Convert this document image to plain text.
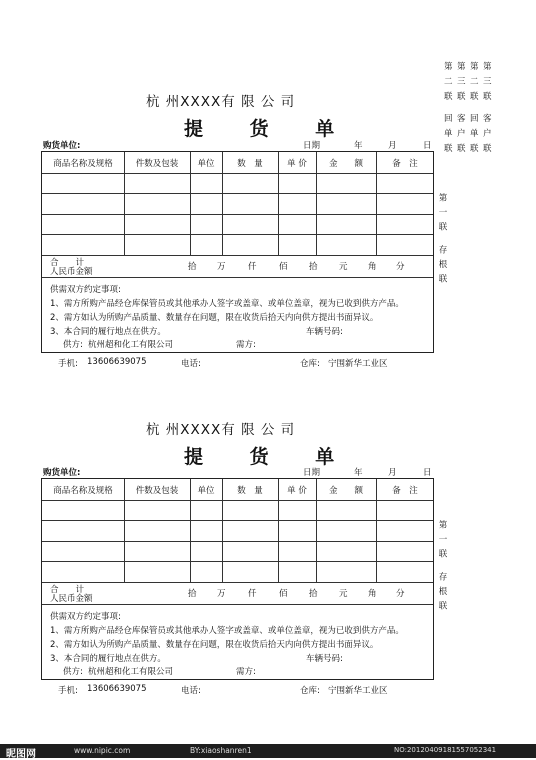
第二联
第三联
第二联
第三联
回单
联
客户
联
回单
联
客户
联
杭 州XXXX有 限 公 司
提 货 单
购货单位:	日期	年	月	日
商品名称及规格	件数及包装	单位	数　量	单 价	金　　额	备　注
合　　计
人民币金额	拾 万	仟	佰	拾	元 角 分
供需双方约定事项:
1、需方所购产品经仓库保管员或其他承办人签字或盖章、或单位盖章，视为已收到供方产品。
2、需方如认为所购产品质量、数量存在问题，限在收货后拾天内向供方提出书面异议。
3、本合同的履行地点在供方。	车辆号码:
供方: 杭州超和化工有限公司	需方:
第一联 存根联
手机: 13606639075	电话:	仓库: 宁围新华工业区
杭 州XXXX有 限 公 司
提 货 单
购货单位:	日期	年	月	日
商品名称及规格	件数及包装	单位	数　量	单 价	金　　额	备　注
合　　计
人民币金额	拾 万	仟	佰	拾	元 角 分
供需双方约定事项:
1、需方所购产品经仓库保管员或其他承办人签字或盖章、或单位盖章，视为已收到供方产品。
2、需方如认为所购产品质量、数量存在问题，限在收货后拾天内向供方提出书面异议。
3、本合同的履行地点在供方。	车辆号码:
供方: 杭州超和化工有限公司	需方:
第一联 存根联
手机: 13606639075	电话:	仓库: 宁围新华工业区
昵图网	www.nipic.com	BY:xiaoshanren1	NO:20120409181557052341
